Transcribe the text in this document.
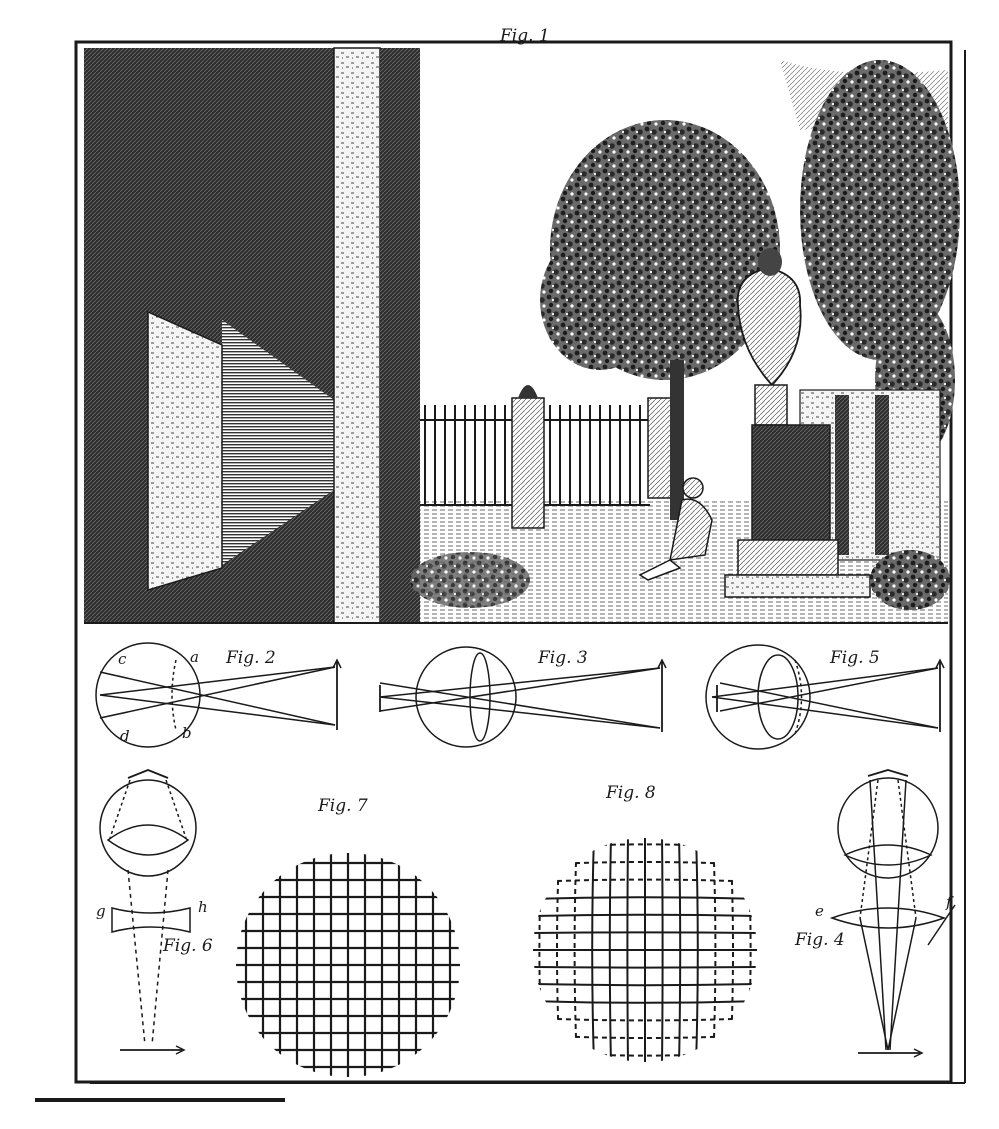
Fig. 1
Fig. 2	Fig. 3	Fig. 5
Fig. 6
Fig. 7
Fig. 8
Fig. 4
a
b
c
d
g	h	e	f
